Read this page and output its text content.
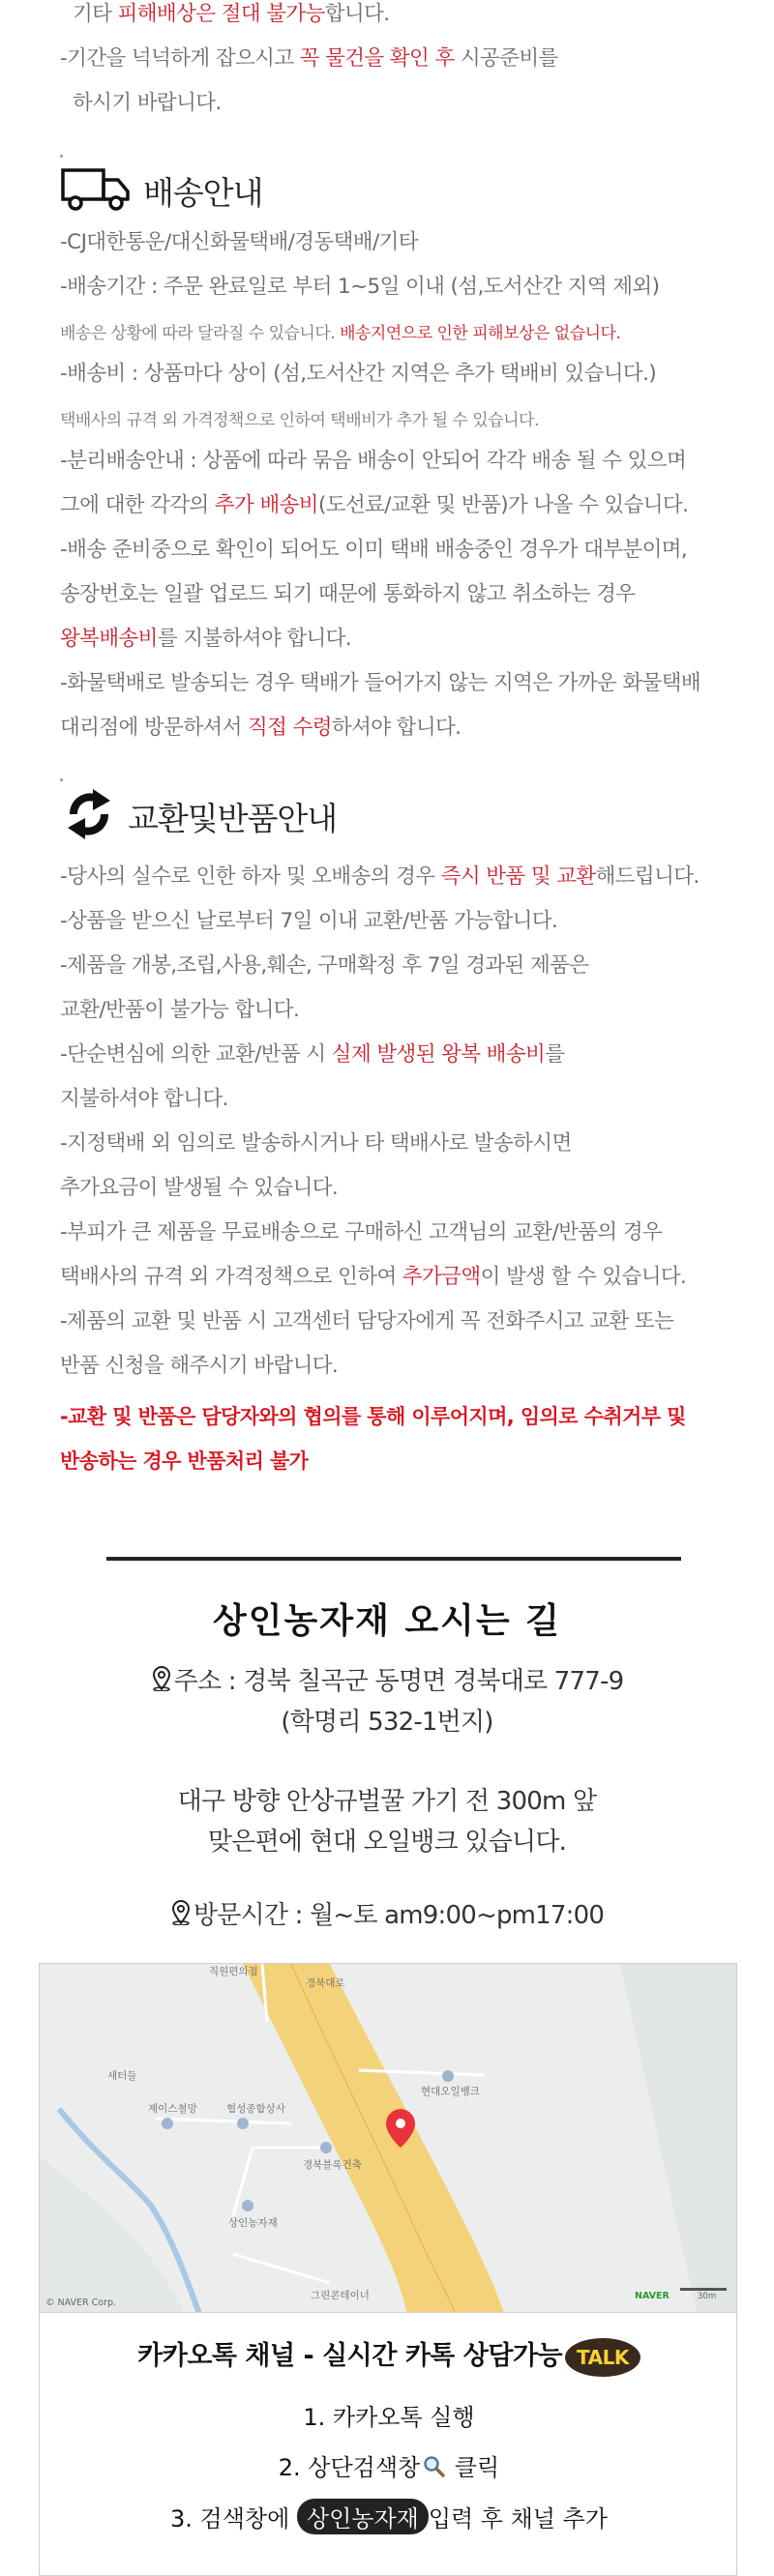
기타 피해배상은 절대 불가능합니다.
-기간을 넉넉하게 잡으시고 꼭 물건을 확인 후 시공준비를
하시기 바랍니다.
배송안내
-CJ대한통운/대신화물택배/경동택배/기타
-배송기간 : 주문 완료일로 부터 1~5일 이내 (섬,도서산간 지역 제외)
배송은 상황에 따라 달라질 수 있습니다. 배송지연으로 인한 피해보상은 없습니다.
-배송비 : 상품마다 상이 (섬,도서산간 지역은 추가 택배비 있습니다.)
택배사의 규격 외 가격정책으로 인하여 택배비가 추가 될 수 있습니다.
-분리배송안내 : 상품에 따라 묶음 배송이 안되어 각각 배송 될 수 있으며
그에 대한 각각의 추가 배송비(도선료/교환 및 반품)가 나올 수 있습니다.
-배송 준비중으로 확인이 되어도 이미 택배 배송중인 경우가 대부분이며,
송장번호는 일괄 업로드 되기 때문에 통화하지 않고 취소하는 경우
왕복배송비를 지불하셔야 합니다.
-화물택배로 발송되는 경우 택배가 들어가지 않는 지역은 가까운 화물택배
대리점에 방문하셔서 직접 수령하셔야 합니다.
교환및반품안내
-당사의 실수로 인한 하자 및 오배송의 경우 즉시 반품 및 교환해드립니다.
-상품을 받으신 날로부터 7일 이내 교환/반품 가능합니다.
-제품을 개봉,조립,사용,훼손, 구매확정 후 7일 경과된 제품은
교환/반품이 불가능 합니다.
-단순변심에 의한 교환/반품 시 실제 발생된 왕복 배송비를
지불하셔야 합니다.
-지정택배 외 임의로 발송하시거나 타 택배사로 발송하시면
추가요금이 발생될 수 있습니다.
-부피가 큰 제품을 무료배송으로 구매하신 고객님의 교환/반품의 경우
택배사의 규격 외 가격정책으로 인하여 추가금액이 발생 할 수 있습니다.
-제품의 교환 및 반품 시 고객센터 담당자에게 꼭 전화주시고 교환 또는
반품 신청을 해주시기 바랍니다.
-교환 및 반품은 담당자와의 협의를 통해 이루어지며, 임의로 수취거부 및
반송하는 경우 반품처리 불가
상인농자재 오시는 길
주소 : 경북 칠곡군 동명면 경북대로 777-9
(학명리 532-1번지)
대구 방향 안상규벌꿀 가기 전 300m 앞
맞은편에 현대 오일뱅크 있습니다.
방문시간 : 월~토 am9:00~pm17:00
직원편의점
경북대로
새터들
제이스철망	협성종합상사
현대오일뱅크
경북블록건축
상인농자재
그린콘테이너
© NAVER Corp.
NAVER	30m
카카오톡 채널 - 실시간 카톡 상담가능 TALK
1. 카카오톡 실행
2. 상단검색창 클릭
3. 검색창에 상인농자재 입력 후 채널 추가
